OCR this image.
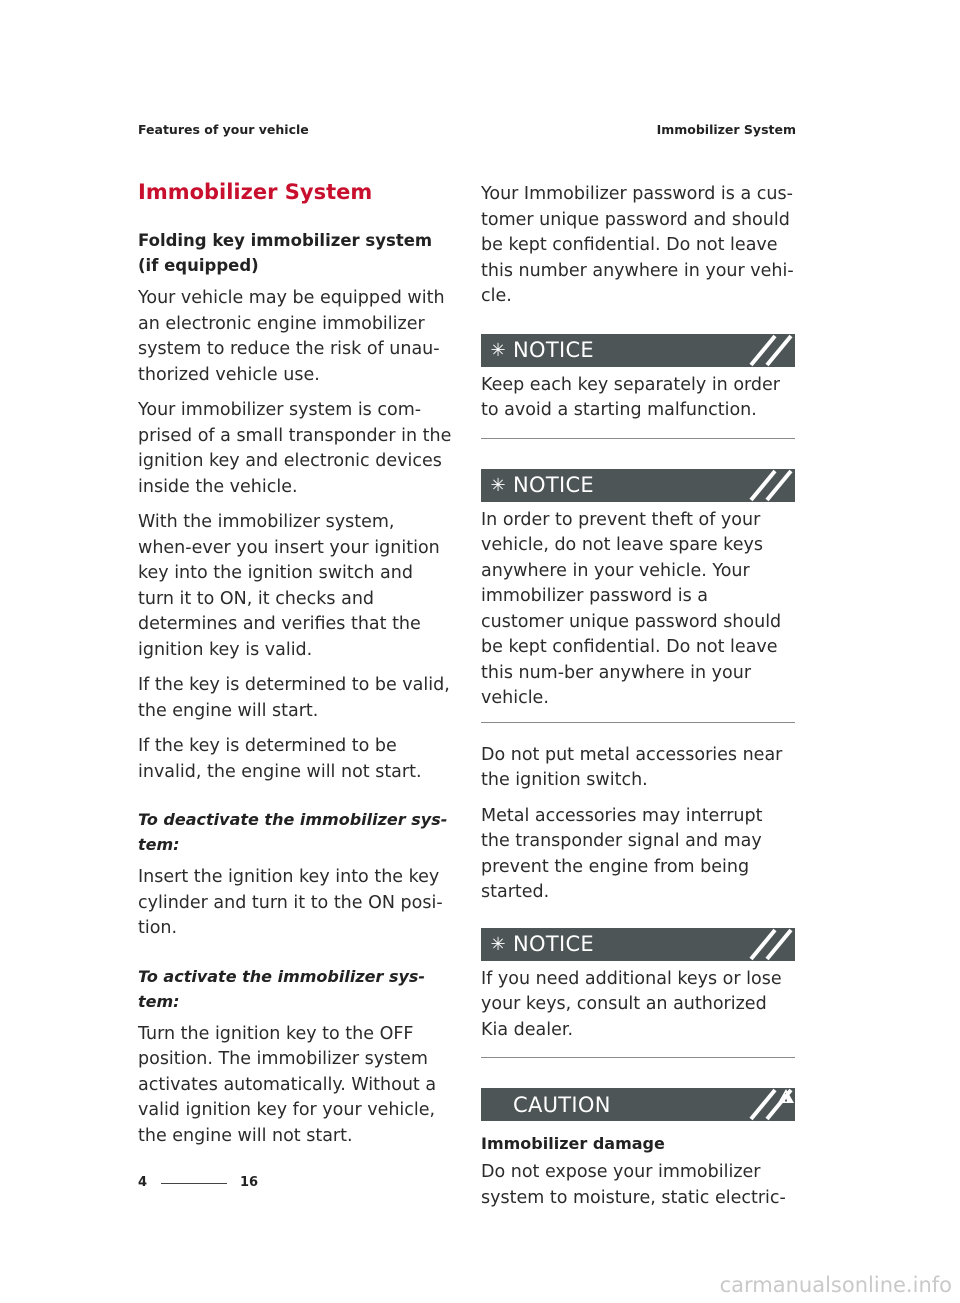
Features of your vehicle	Immobilizer System
Immobilizer System
Folding key immobilizer system (if equipped)

Your vehicle may be equipped with an electronic engine immobilizer system to reduce the risk of unau-thorized vehicle use.

Your immobilizer system is com-prised of a small transponder in the ignition key and electronic devices inside the vehicle.

With the immobilizer system, when-ever you insert your ignition key into the ignition switch and turn it to ON, it checks and determines and verifies that the ignition key is valid.

If the key is determined to be valid, the engine will start.

If the key is determined to be invalid, the engine will not start.

To deactivate the immobilizer sys-tem:

Insert the ignition key into the key cylinder and turn it to the ON posi-tion.

To activate the immobilizer sys-tem:

Turn the ignition key to the OFF position. The immobilizer system activates automatically. Without a valid ignition key for your vehicle, the engine will not start.

Your Immobilizer password is a cus-tomer unique password and should be kept confidential. Do not leave this number anywhere in your vehi-cle.

✳ NOTICE

Keep each key separately in order to avoid a starting malfunction.

✳ NOTICE

In order to prevent theft of your vehicle, do not leave spare keys anywhere in your vehicle. Your immobilizer password is a customer unique password should be kept confidential. Do not leave this num-ber anywhere in your vehicle.

Do not put metal accessories near the ignition switch.

Metal accessories may interrupt the transponder signal and may prevent the engine from being started.

✳ NOTICE

If you need additional keys or lose your keys, consult an authorized Kia dealer.

CAUTION
Immobilizer damage

Do not expose your immobilizer system to moisture, static electric-

4	16
carmanualsonline.info
